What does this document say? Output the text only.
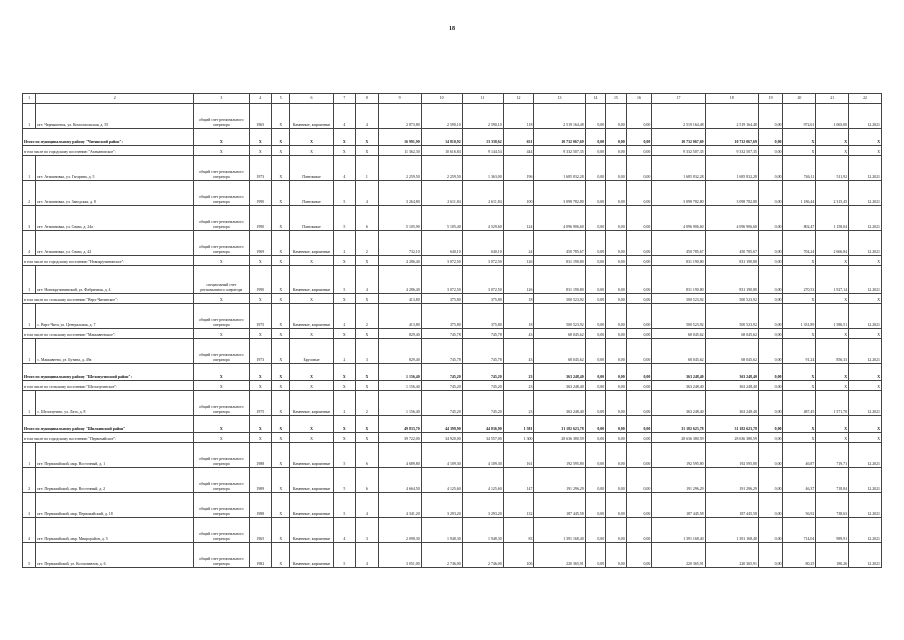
18
1	2	3	4	5	6	7	8	9	10	11	12	13	14	15	16	17	18	19	20	21	22
1	пгт. Чернышевск, ул. Комсомольская, д. 55	общий счет регионального оператора	1965	Х	Каменные, кирпичные	4	4	2 873,80	2 590,10	2 590,10	118	2 519 164,48	0,00	0,00	0,00	2 519 164,48	2 519 164,48	0,00	972,61	1 065,00	12.2021
Итого по муниципальному району "Читинский район":		Х	Х	Х	Х	Х	Х	16 991,90	14 810,92	13 338,62	631	10 732 067,69	0,00	0,00	0,00	10 732 067,69	10 732 067,69	0,00	Х	Х	Х
в том числе по городскому поселению "Атамановское":		Х	Х	Х	Х	Х	Х	11 362,30	10 616,84	9 144,54	444	9 332 507,35	0,00	0,00	0,00	9 332 507,35	9 332 507,35	0,00	Х	Х	Х
1	пгт. Атамановка, ул. Гагарина, д. 5	общий счет регионального оператора	1973	Х	Панельные	4	1	2 259,50	2 259,50	1 363,00	196	1 685 832,28	0,00	0,00	0,00	1 685 832,28	1 685 832,28	0,00	746,11	511,92	12.2021
2	пгт. Атамановка, ул. Заводская, д. 8	общий счет регионального оператора	1990	Х	Панельные	5	4	3 264,80	2 611,84	2 611,84	100	3 098 782,80	0,00	0,00	0,00	3 098 782,80	3 098 782,80	0,00	1 186,44	2 315,45	12.2021
3	пгт. Атамановка, ул. Связи, д. 24а	общий счет регионального оператора	1990	Х	Панельные	5	6	5 105,90	5 105,40	4 529,60	124	4 096 906,60	0,00	0,00	0,00	4 096 906,60	4 096 906,60	0,00	802,47	1 158,04	12.2021
4	пгт. Атамановка, ул. Связи, д. 42	общий счет регионального оператора	1969	Х	Каменные, кирпичные	2	2	732,10	640,10	640,10	24	450 785,67	0,00	0,00	0,00	450 785,67	450 785,67	0,00	704,24	2 666,84	12.2021
в том числе по городскому поселению "Новокручининское":		Х	Х	Х	Х	Х	Х	4 286,40	3 072,50	3 072,50	126	831 190,80	0,00	0,00	0,00	831 190,80	831 190,80	0,00	Х	Х	Х
1	пгт. Новокручининский, ул. Фабричная, д. 4	специальный счет регионального оператора	1990	Х	Каменные, кирпичные	5	4	4 286,40	3 072,50	3 072,50	126	831 190,80	0,00	0,00	0,00	831 190,80	831 190,80	0,00	270,53	1 927,14	12.2021
в том числе по сельскому поселению "Верх-Читинское":		Х	Х	Х	Х	Х	Х	413,80	375,80	375,80	18	500 523,92	0,00	0,00	0,00	500 523,92	500 523,92	0,00	Х	Х	Х
1	с. Верх-Чита, ул. Центральная, д. 7	общий счет регионального оператора	1975	Х	Каменные, кирпичные	2	2	413,80	375,80	375,80	18	500 523,92	0,00	0,00	0,00	500 523,92	500 523,92	0,00	1 331,89	1 586,51	12.2021
в том числе по сельскому поселению "Маккавеевское":		Х	Х	Х	Х	Х	Х	829,40	745,78	745,78	43	68 045,62	0,00	0,00	0,00	68 045,62	68 045,62	0,00	Х	Х	Х
1	с. Маккавеево, ул. Бутина, д. 49а	общий счет регионального оператора	1973	Х	Брусовые	2	3	829,40	745,78	745,78	43	68 045,62	0,00	0,00	0,00	68 045,62	68 045,62	0,00	91,24	856,33	12.2021
Итого по муниципальному району "Шелопугинский район":		Х	Х	Х	Х	Х	Х	1 156,40	745,20	745,20	23	363 248,40	0,00	0,00	0,00	363 248,40	363 248,40	0,00	Х	Х	Х
в том числе по сельскому поселению "Шелопугинское":		Х	Х	Х	Х	Х	Х	1 156,40	745,20	745,20	23	363 248,40	0,00	0,00	0,00	363 248,40	363 248,40	0,00	Х	Х	Х
1	с. Шелопугино, ул. Лазо, д. 8	общий счет регионального оператора	1975	Х	Каменные, кирпичные	2	2	1 156,40	745,20	745,20	23	363 248,40	0,00	0,00	0,00	363 248,40	363 248,40	0,00	487,45	1 571,70	12.2021
Итого по муниципальному району "Шилкинский район"		Х	Х	Х	Х	Х	Х	49 833,70	44 399,90	44 036,90	1 581	31 182 623,78	0,00	0,00	0,00	31 182 623,78	31 182 623,78	0,00	Х	Х	Х
в том числе по городскому поселению "Первомайское":		Х	Х	Х	Х	Х	Х	39 722,00	34 920,00	34 557,00	1 300	28 636 380,59	0,00	0,00	0,00	28 636 380,59	28 636 380,59	0,00	Х	Х	Х
1	пгт. Первомайский, мкр. Восточный, д. 1	общий счет регионального оператора	1988	Х	Каменные, кирпичные	5	6	4 689,80	4 109,30	4 109,30	161	192 595,80	0,00	0,00	0,00	192 595,80	192 595,80	0,00	46,87	719,71	12.2021
2	пгт. Первомайский, мкр. Восточный, д. 2	общий счет регионального оператора	1989	Х	Каменные, кирпичные	5	6	4 664,50	4 125,60	4 125,60	147	191 296,29	0,00	0,00	0,00	191 296,29	191 296,29	0,00	46,37	718,84	12.2021
3	пгт. Первомайский, мкр. Первомайский, д. 18	общий счет регионального оператора	1988	Х	Каменные, кирпичные	5	4	4 341,20	3 293,20	3 293,20	132	187 445,58	0,00	0,00	0,00	187 445,58	187 445,58	0,00	56,92	738,63	12.2021
4	пгт. Первомайский, мкр. Микрорайон, д. 5	общий счет регионального оператора	1965	Х	Каменные, кирпичные	4	3	2 098,30	1 948,30	1 948,30	83	1 391 168,40	0,00	0,00	0,00	1 391 168,40	1 391 168,40	0,00	714,04	989,91	12.2021
5	пгт. Первомайский, ул. Космонавтов, д. 6	общий счет регионального оператора	1982	Х	Каменные, кирпичные	5	4	3 051,00	2 746,00	2 746,00	106	220 365,91	0,00	0,00	0,00	220 365,91	220 365,91	0,00	80,25	180,26	12.2021
